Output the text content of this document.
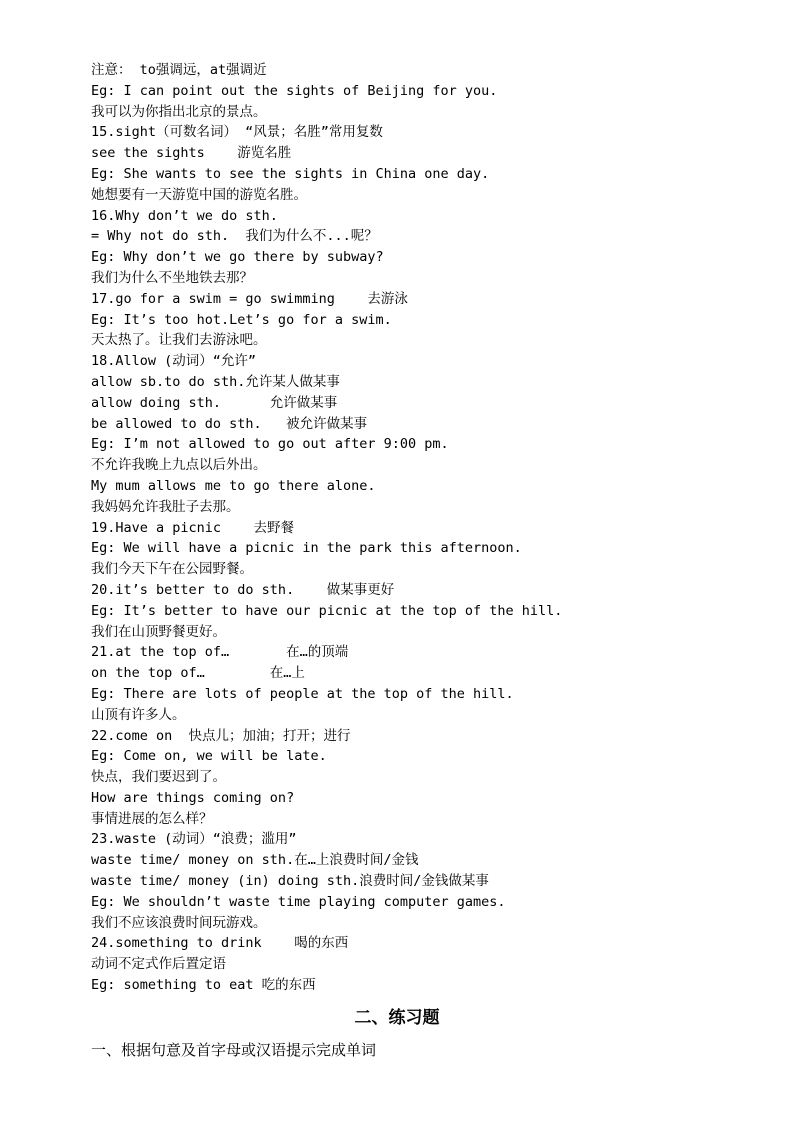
注意： to强调远，at强调近
Eg: I can point out the sights of Beijing for you.
我可以为你指出北京的景点。
15.sight（可数名词） “风景；名胜”常用复数
see the sights    游览名胜
Eg: She wants to see the sights in China one day.
她想要有一天游览中国的游览名胜。
16.Why don’t we do sth.
= Why not do sth.  我们为什么不...呢？
Eg: Why don’t we go there by subway?
我们为什么不坐地铁去那？
17.go for a swim = go swimming    去游泳
Eg: It’s too hot.Let’s go for a swim.
天太热了。让我们去游泳吧。
18.Allow (动词）“允许”
allow sb.to do sth.允许某人做某事
allow doing sth.      允许做某事
be allowed to do sth.   被允许做某事
Eg: I’m not allowed to go out after 9:00 pm.
不允许我晚上九点以后外出。
My mum allows me to go there alone.
我妈妈允许我肚子去那。
19.Have a picnic    去野餐
Eg: We will have a picnic in the park this afternoon.
我们今天下午在公园野餐。
20.it’s better to do sth.    做某事更好
Eg: It’s better to have our picnic at the top of the hill.
我们在山顶野餐更好。
21.at the top of…       在…的顶端
on the top of…        在…上
Eg: There are lots of people at the top of the hill.
山顶有许多人。
22.come on  快点儿；加油；打开；进行
Eg: Come on, we will be late.
快点，我们要迟到了。
How are things coming on?
事情进展的怎么样？
23.waste (动词）“浪费；滥用”
waste time/ money on sth.在…上浪费时间/金钱
waste time/ money (in) doing sth.浪费时间/金钱做某事
Eg: We shouldn’t waste time playing computer games.
我们不应该浪费时间玩游戏。
24.something to drink    喝的东西
动词不定式作后置定语
Eg: something to eat 吃的东西
二、练习题
一、根据句意及首字母或汉语提示完成单词
